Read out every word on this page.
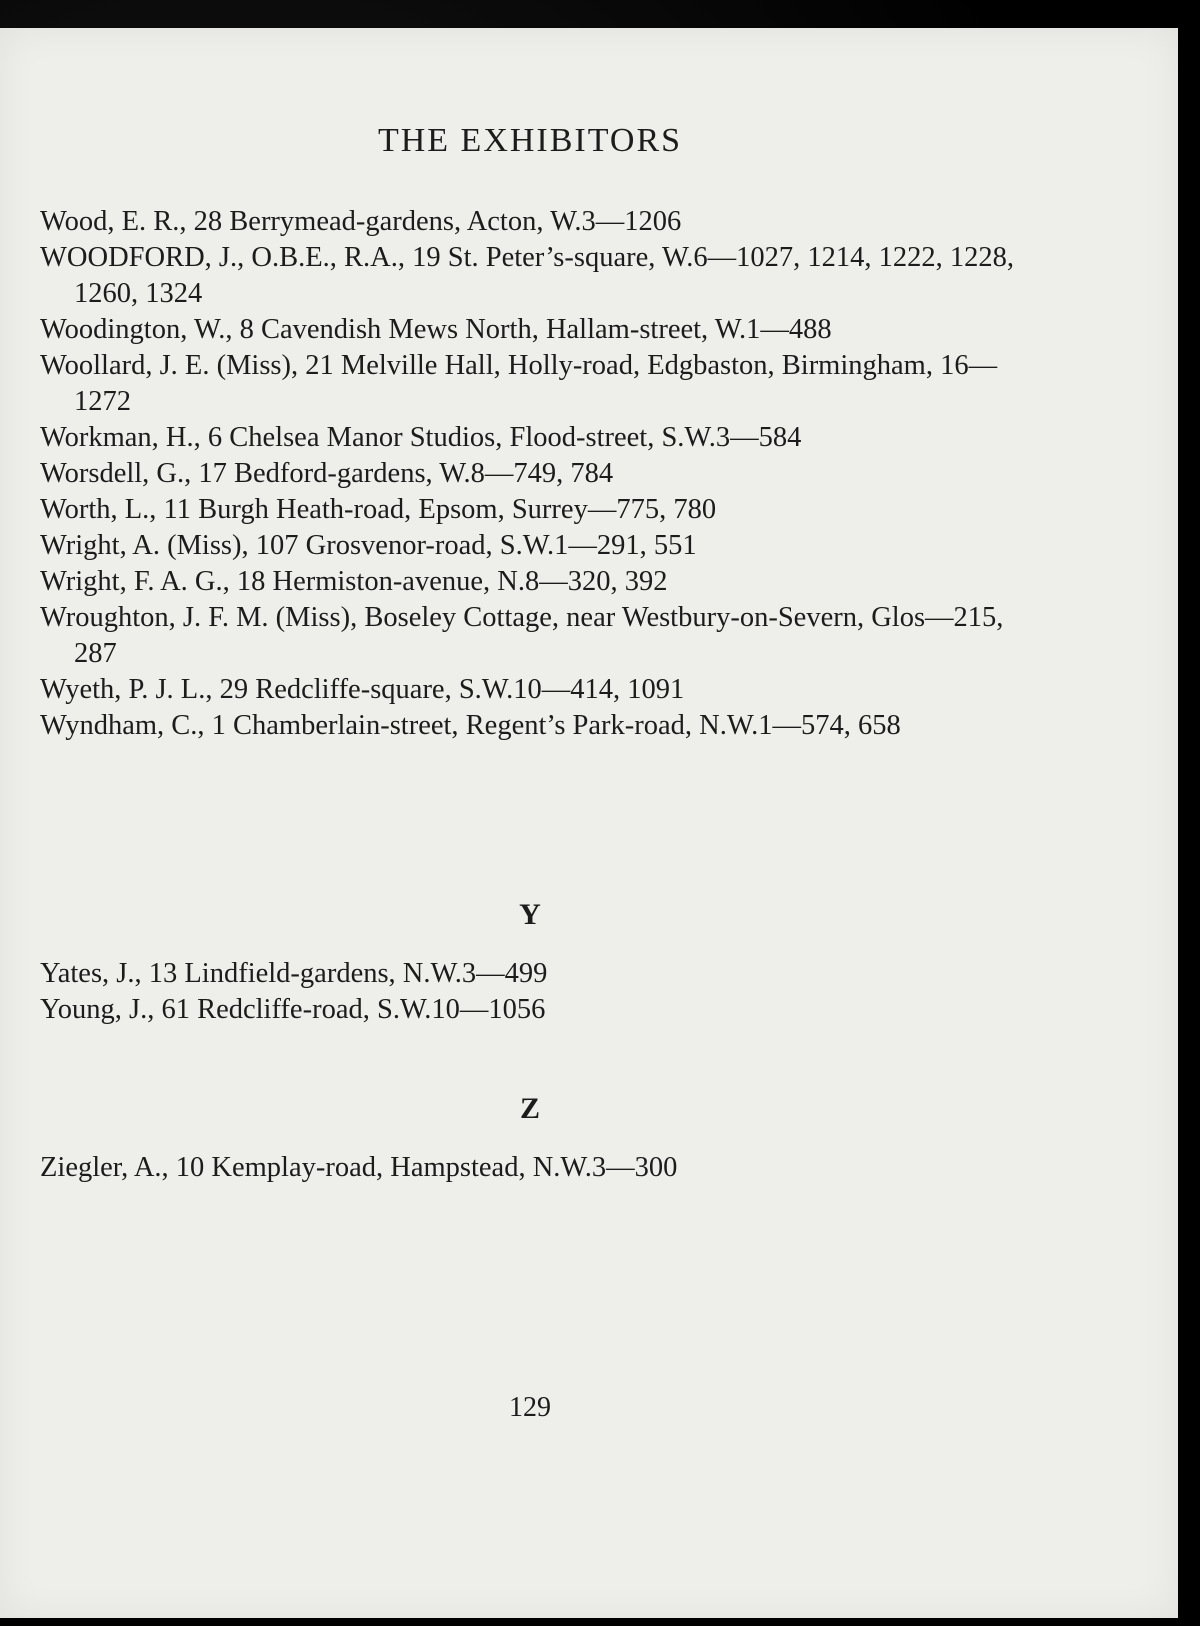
THE EXHIBITORS
Wood, E. R., 28 Berrymead-gardens, Acton, W.3—1206
WOODFORD, J., O.B.E., R.A., 19 St. Peter’s-square, W.6—1027, 1214, 1222, 1228, 1260, 1324
Woodington, W., 8 Cavendish Mews North, Hallam-street, W.1—488
Woollard, J. E. (Miss), 21 Melville Hall, Holly-road, Edgbaston, Birmingham, 16—1272
Workman, H., 6 Chelsea Manor Studios, Flood-street, S.W.3—584
Worsdell, G., 17 Bedford-gardens, W.8—749, 784
Worth, L., 11 Burgh Heath-road, Epsom, Surrey—775, 780
Wright, A. (Miss), 107 Grosvenor-road, S.W.1—291, 551
Wright, F. A. G., 18 Hermiston-avenue, N.8—320, 392
Wroughton, J. F. M. (Miss), Boseley Cottage, near Westbury-on-Severn, Glos—215, 287
Wyeth, P. J. L., 29 Redcliffe-square, S.W.10—414, 1091
Wyndham, C., 1 Chamberlain-street, Regent’s Park-road, N.W.1—574, 658
Y
Yates, J., 13 Lindfield-gardens, N.W.3—499
Young, J., 61 Redcliffe-road, S.W.10—1056
Z
Ziegler, A., 10 Kemplay-road, Hampstead, N.W.3—300
129
